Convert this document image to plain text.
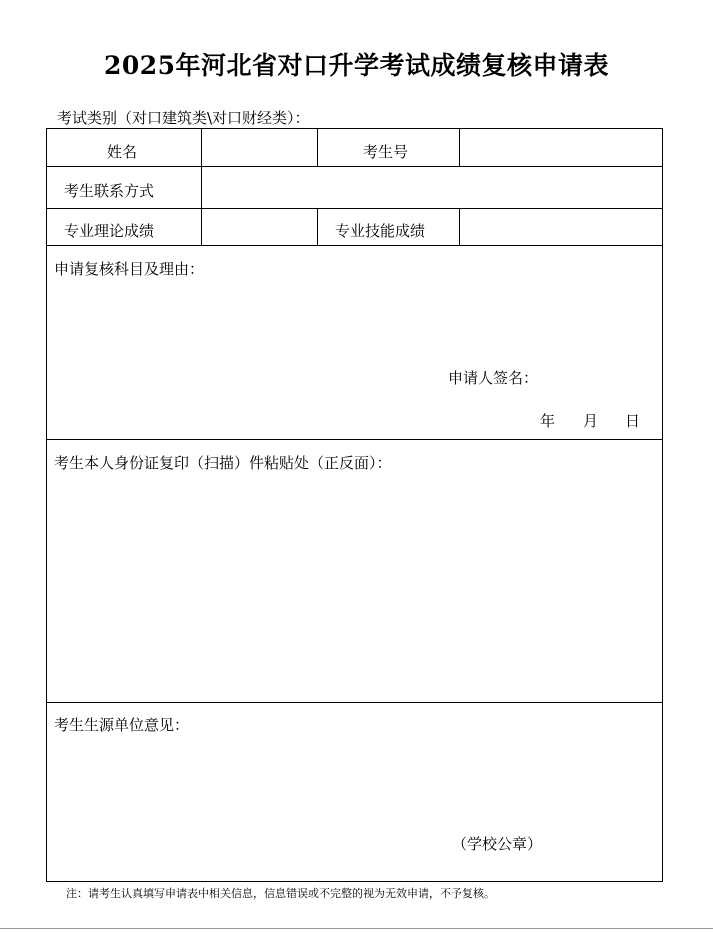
2025年河北省对口升学考试成绩复核申请表
考试类别（对口建筑类\对口财经类）：
姓名	考生号
考生联系方式
专业理论成绩	专业技能成绩
申请复核科目及理由：
申请人签名：
年 月 日
考生本人身份证复印（扫描）件粘贴处（正反面）：
考生生源单位意见：
（学校公章）
注：请考生认真填写申请表中相关信息，信息错误或不完整的视为无效申请，不予复核。
